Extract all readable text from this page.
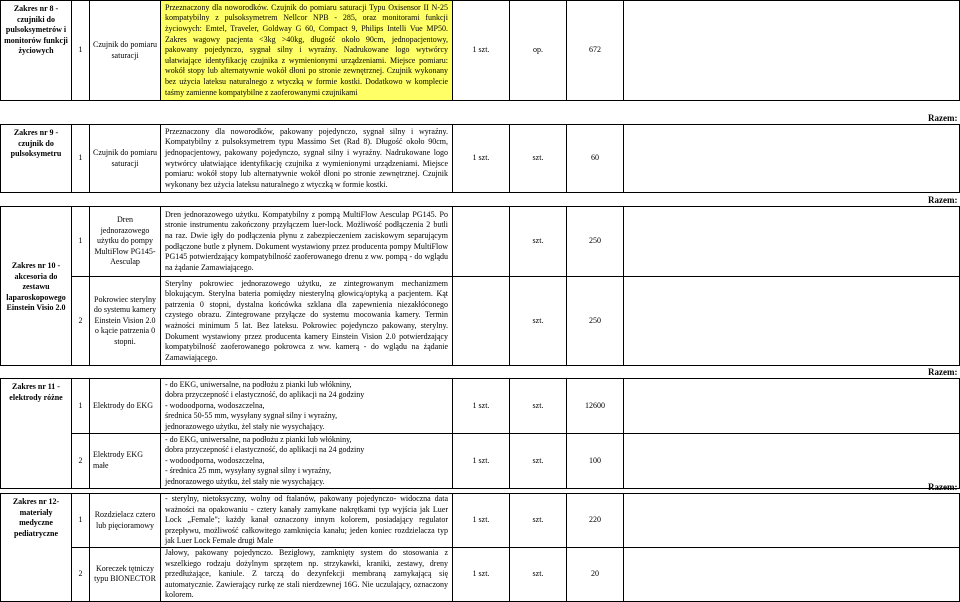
Zakres nr 8 - czujniki do pulsoksymetrów i monitorów funkcji życiowych	1	Czujnik do pomiaru saturacji	Przeznaczony dla noworodków. Czujnik do pomiaru saturacji Typu Oxisensor II N-25 kompatybilny z pulsoksymetrem Nellcor NPB - 285, oraz monitorami funkcji życiowych: Emtel, Traveler, Goldway G 60, Compact 9, Philips Intelli Vue MP50. Zakres wagowy pacjenta <3kg >40kg, długość około 90cm, jednopacjentowy, pakowany pojedynczo, sygnał silny i wyraźny. Nadrukowane logo wytwórcy ułatwiające identyfikację czujnika z wymienionymi urządzeniami. Miejsce pomiaru: wokół stopy lub alternatywnie wokół dłoni po stronie zewnętrznej. Czujnik wykonany bez użycia lateksu naturalnego z wtyczką w formie kostki. Dodatkowo w komplecie taśmy zamienne kompatybilne z zaoferowanymi czujnikami	1 szt.	op.	672	
Razem:
Zakres nr 9 - czujnik do pulsoksymetru	1	Czujnik do pomiaru saturacji	Przeznaczony dla noworodków, pakowany pojedynczo, sygnał silny i wyraźny. Kompatybilny z pulsoksymetrem typu Massimo Set (Rad 8). Długość około 90cm, jednopacjentowy, pakowany pojedynczo, sygnał silny i wyraźny. Nadrukowane logo wytwórcy ułatwiające identyfikację czujnika z wymienionymi urządzeniami. Miejsce pomiaru: wokół stopy lub alternatywnie wokół dłoni po stronie zewnętrznej. Czujnik wykonany bez użycia lateksu naturalnego z wtyczką w formie kostki.	1 szt.	szt.	60	
Razem:							
Zakres nr 10 - akcesoria do zestawu laparoskopowego Einstein Visio 2.0	1	Dren jednorazowego użytku do pompy MultiFlow PG145- Aesculap	Dren jednorazowego użytku. Kompatybilny z pompą MultiFlow Aesculap PG145. Po stronie instrumentu zakończony przyłączem luer-lock. Możliwość podłączenia 2 butli na raz. Dwie igły do podłączenia płynu z zabezpieczeniem zaciskowym separującym podłączone butle z płynem. Dokument wystawiony przez producenta pompy MultiFlow PG145 potwierdzający kompatybilność zaoferowanego drenu z ww. pompą - do wglądu na żądanie Zamawiającego.		szt.	250	
	2	Pokrowiec sterylny do systemu kamery Einstein Vision 2.0 o kącie patrzenia 0 stopni.	Sterylny pokrowiec jednorazowego użytku, ze zintegrowanym mechanizmem blokującym. Sterylna bateria pomiędzy niesterylną głowicą/optyką a pacjentem. Kąt patrzenia 0 stopni, dystalna końcówka szklana dla zapewnienia niezakłóconego czystego obrazu. Zintegrowane przyłącze do systemu mocowania kamery. Termin ważności minimum 5 lat. Bez lateksu. Pokrowiec pojedynczo pakowany, sterylny. Dokument wystawiony przez producenta kamery Einstein Vision 2.0 potwierdzający kompatybilność zaoferowanego pokrowca z ww. kamerą - do wglądu na żądanie Zamawiającego.		szt.	250	
Razem:							
Zakres nr 11 - elektrody różne	1	Elektrody do EKG	- do EKG, uniwersalne, na podłożu z pianki lub włókniny,
dobra przyczepność i elastyczność, do aplikacji na 24 godziny
- wodoodporna, wodoszczelna,
średnica 50-55 mm, wysyłany sygnał silny i wyraźny,
jednorazowego użytku, żel stały nie wysychający.	1 szt.	szt.	12600	
	2	Elektrody EKG małe	- do EKG, uniwersalne, na podłożu z pianki lub włókniny,
dobra przyczepność i elastyczność, do aplikacji na 24 godziny
- wodoodporna, wodoszczelna,
- średnica 25 mm, wysyłany sygnał silny i wyraźny,
jednorazowego użytku, żel stały nie wysychający.	1 szt.	szt.	100	
Razem:							
Zakres nr 12- materiały medyczne pediatryczne	1	Rozdzielacz cztero lub pięcioramowy	- sterylny, nietoksyczny, wolny od ftalanów, pakowany pojedynczo- widoczna data ważności na opakowaniu - cztery kanały zamykane nakrętkami typ wyjścia jak Luer Lock „Female"; każdy kanał oznaczony innym kolorem, posiadający regulator przepływu, możliwość całkowitego zamknięcia kanału; jeden koniec rozdzielacza typ jak Luer Lock Female drugi Male	1 szt.	szt.	220	
	2	Koreczek tętniczy typu BIONECTOR	Jałowy, pakowany pojedynczo. Bezigłowy, zamknięty system do stosowania z wszelkiego rodzaju dożylnym sprzętem np. strzykawki, kraniki, zestawy, dreny przedłużające, kaniule. Z tarczą do dezynfekcji membraną zamykającą się automatycznie. Zawierający rurkę ze stali nierdzewnej 16G. Nie uczulający, oznaczony kolorem.	1 szt.	szt.	20	
